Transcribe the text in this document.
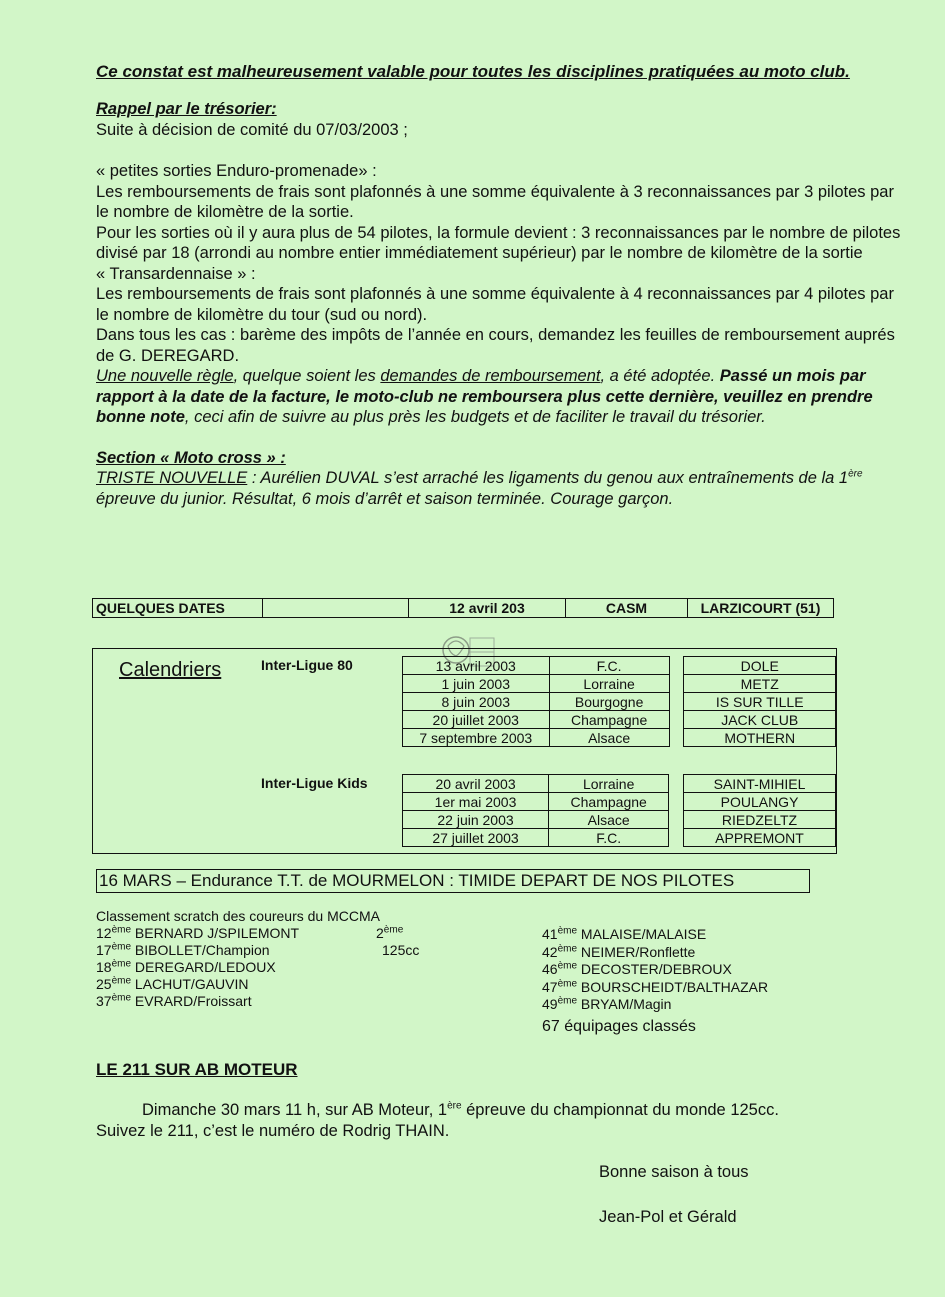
Ce constat est malheureusement valable pour toutes les disciplines pratiquées au moto club.

Rappel par le trésorier:

Suite à décision de comité du 07/03/2003 ;

« petites sorties Enduro-promenade» :

Les remboursements de frais sont plafonnés à une somme équivalente à 3 reconnaissances par 3 pilotes par le nombre de kilomètre de la sortie.

Pour les sorties où il y aura plus de 54 pilotes, la formule devient : 3 reconnaissances par le nombre de pilotes divisé par 18 (arrondi au nombre entier immédiatement supérieur) par le nombre de kilomètre de la sortie

« Transardennaise » :

Les remboursements de frais sont plafonnés à une somme équivalente à 4 reconnaissances par 4 pilotes par le nombre de kilomètre du tour (sud ou nord).

Dans tous les cas : barème des impôts de l’année en cours, demandez les feuilles de remboursement auprés de G. DEREGARD.

Une nouvelle règle, quelque soient les demandes de remboursement, a été adoptée. Passé un mois par rapport à la date de la facture, le moto-club ne remboursera plus cette dernière, veuillez en prendre bonne note, ceci afin de suivre au plus près les budgets et de faciliter le travail du trésorier.

Section « Moto cross » :

TRISTE NOUVELLE : Aurélien DUVAL s’est arraché les ligaments du genou aux entraînements de la 1ère épreuve du junior. Résultat, 6 mois d’arrêt et saison terminée. Courage garçon.

QUELQUES DATES	12 avril 203	CASM	LARZICOURT (51)
Calendriers	Inter-Ligue 80	13 avril 2003	F.C.		DOLE
1 juin 2003	Lorraine		METZ
8 juin 2003	Bourgogne		IS SUR TILLE
20 juillet 2003	Champagne		JACK CLUB
7 septembre 2003	Alsace		MOTHERN
Inter-Ligue Kids	20 avril 2003	Lorraine		SAINT-MIHIEL
1er mai 2003	Champagne		POULANGY
22 juin 2003	Alsace		RIEDZELTZ
27 juillet 2003	F.C.		APPREMONT
16 MARS – Endurance T.T. de MOURMELON : TIMIDE DEPART DE NOS PILOTES
Classement scratch des coureurs du MCCMA
12ème BERNARD J/SPILEMONT	2ème 125cc
17ème BIBOLLET/Champion
18ème DEREGARD/LEDOUX
25ème LACHUT/GAUVIN
37ème EVRARD/Froissart
41ème MALAISE/MALAISE
42ème NEIMER/Ronflette
46ème DECOSTER/DEBROUX
47ème BOURSCHEIDT/BALTHAZAR
49ème BRYAM/Magin
67 équipages classés
LE 211 SUR AB MOTEUR
Dimanche 30 mars 11 h, sur AB Moteur, 1ère épreuve du championnat du monde 125cc.
Suivez le 211, c’est le numéro de Rodrig THAIN.
Bonne saison à tous
Jean-Pol et Gérald
